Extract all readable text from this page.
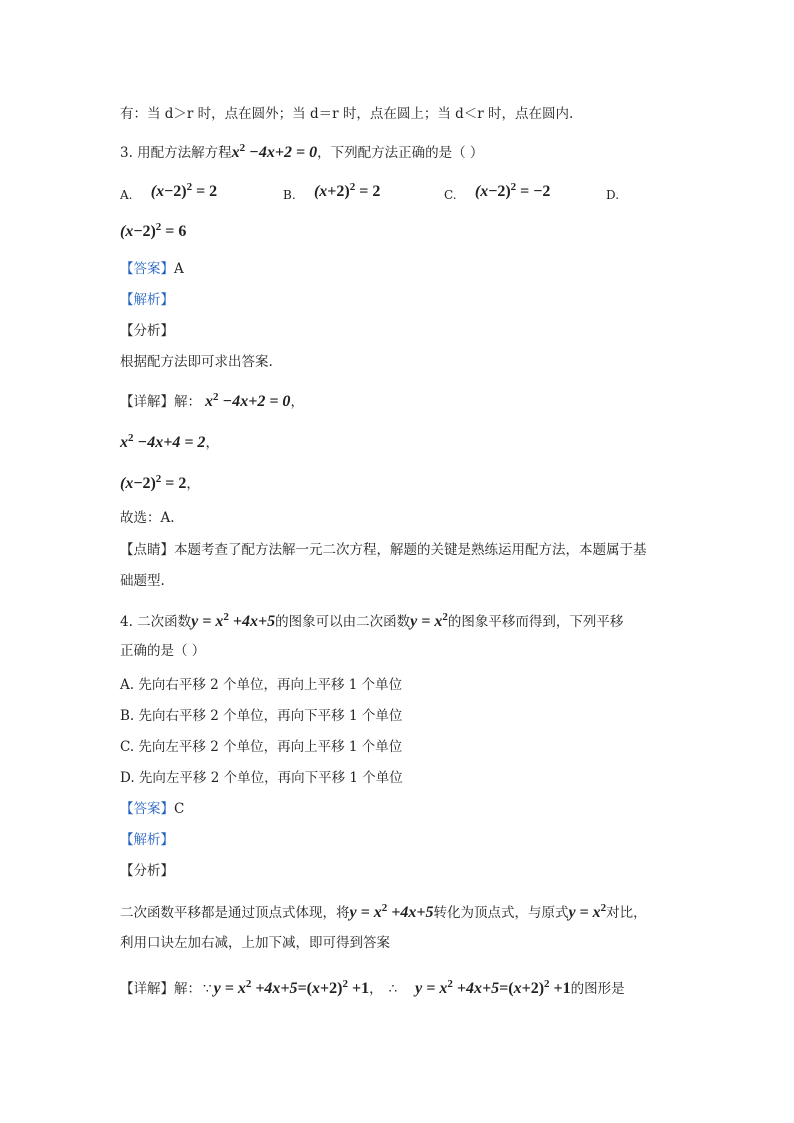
有：当 d＞r 时，点在圆外；当 d＝r 时，点在圆上；当 d＜r 时，点在圆内.
3. 用配方法解方程$x^2 -4x+2 = 0$，下列配方法正确的是（ ）
A. $(x-2)^2 = 2$	B. $(x+2)^2 = 2$	C. $(x-2)^2 = -2$	D.
$(x-2)^2 = 6$
【答案】A
【解析】
【分析】
根据配方法即可求出答案.
【详解】解： $x^2 -4x+2 = 0$，
$x^2 -4x+4 = 2$，
$(x-2)^2 = 2$，
故选：A.
【点睛】本题考查了配方法解一元二次方程，解题的关键是熟练运用配方法，本题属于基
础题型.
4. 二次函数$y = x^2 +4x+5$的图象可以由二次函数$y = x^2$的图象平移而得到，下列平移
正确的是（ ）
A. 先向右平移 2 个单位，再向上平移 1 个单位
B. 先向右平移 2 个单位，再向下平移 1 个单位
C. 先向左平移 2 个单位，再向上平移 1 个单位
D. 先向左平移 2 个单位，再向下平移 1 个单位
【答案】C
【解析】
【分析】
二次函数平移都是通过顶点式体现，将$y = x^2 +4x+5$转化为顶点式，与原式$y = x^2$对比，
利用口诀左加右减，上加下减，即可得到答案
【详解】解： ∵ $y = x^2 +4x+5=(x+2)^2 +1$， ∴ $y = x^2 +4x+5=(x+2)^2 +1$的图形是
